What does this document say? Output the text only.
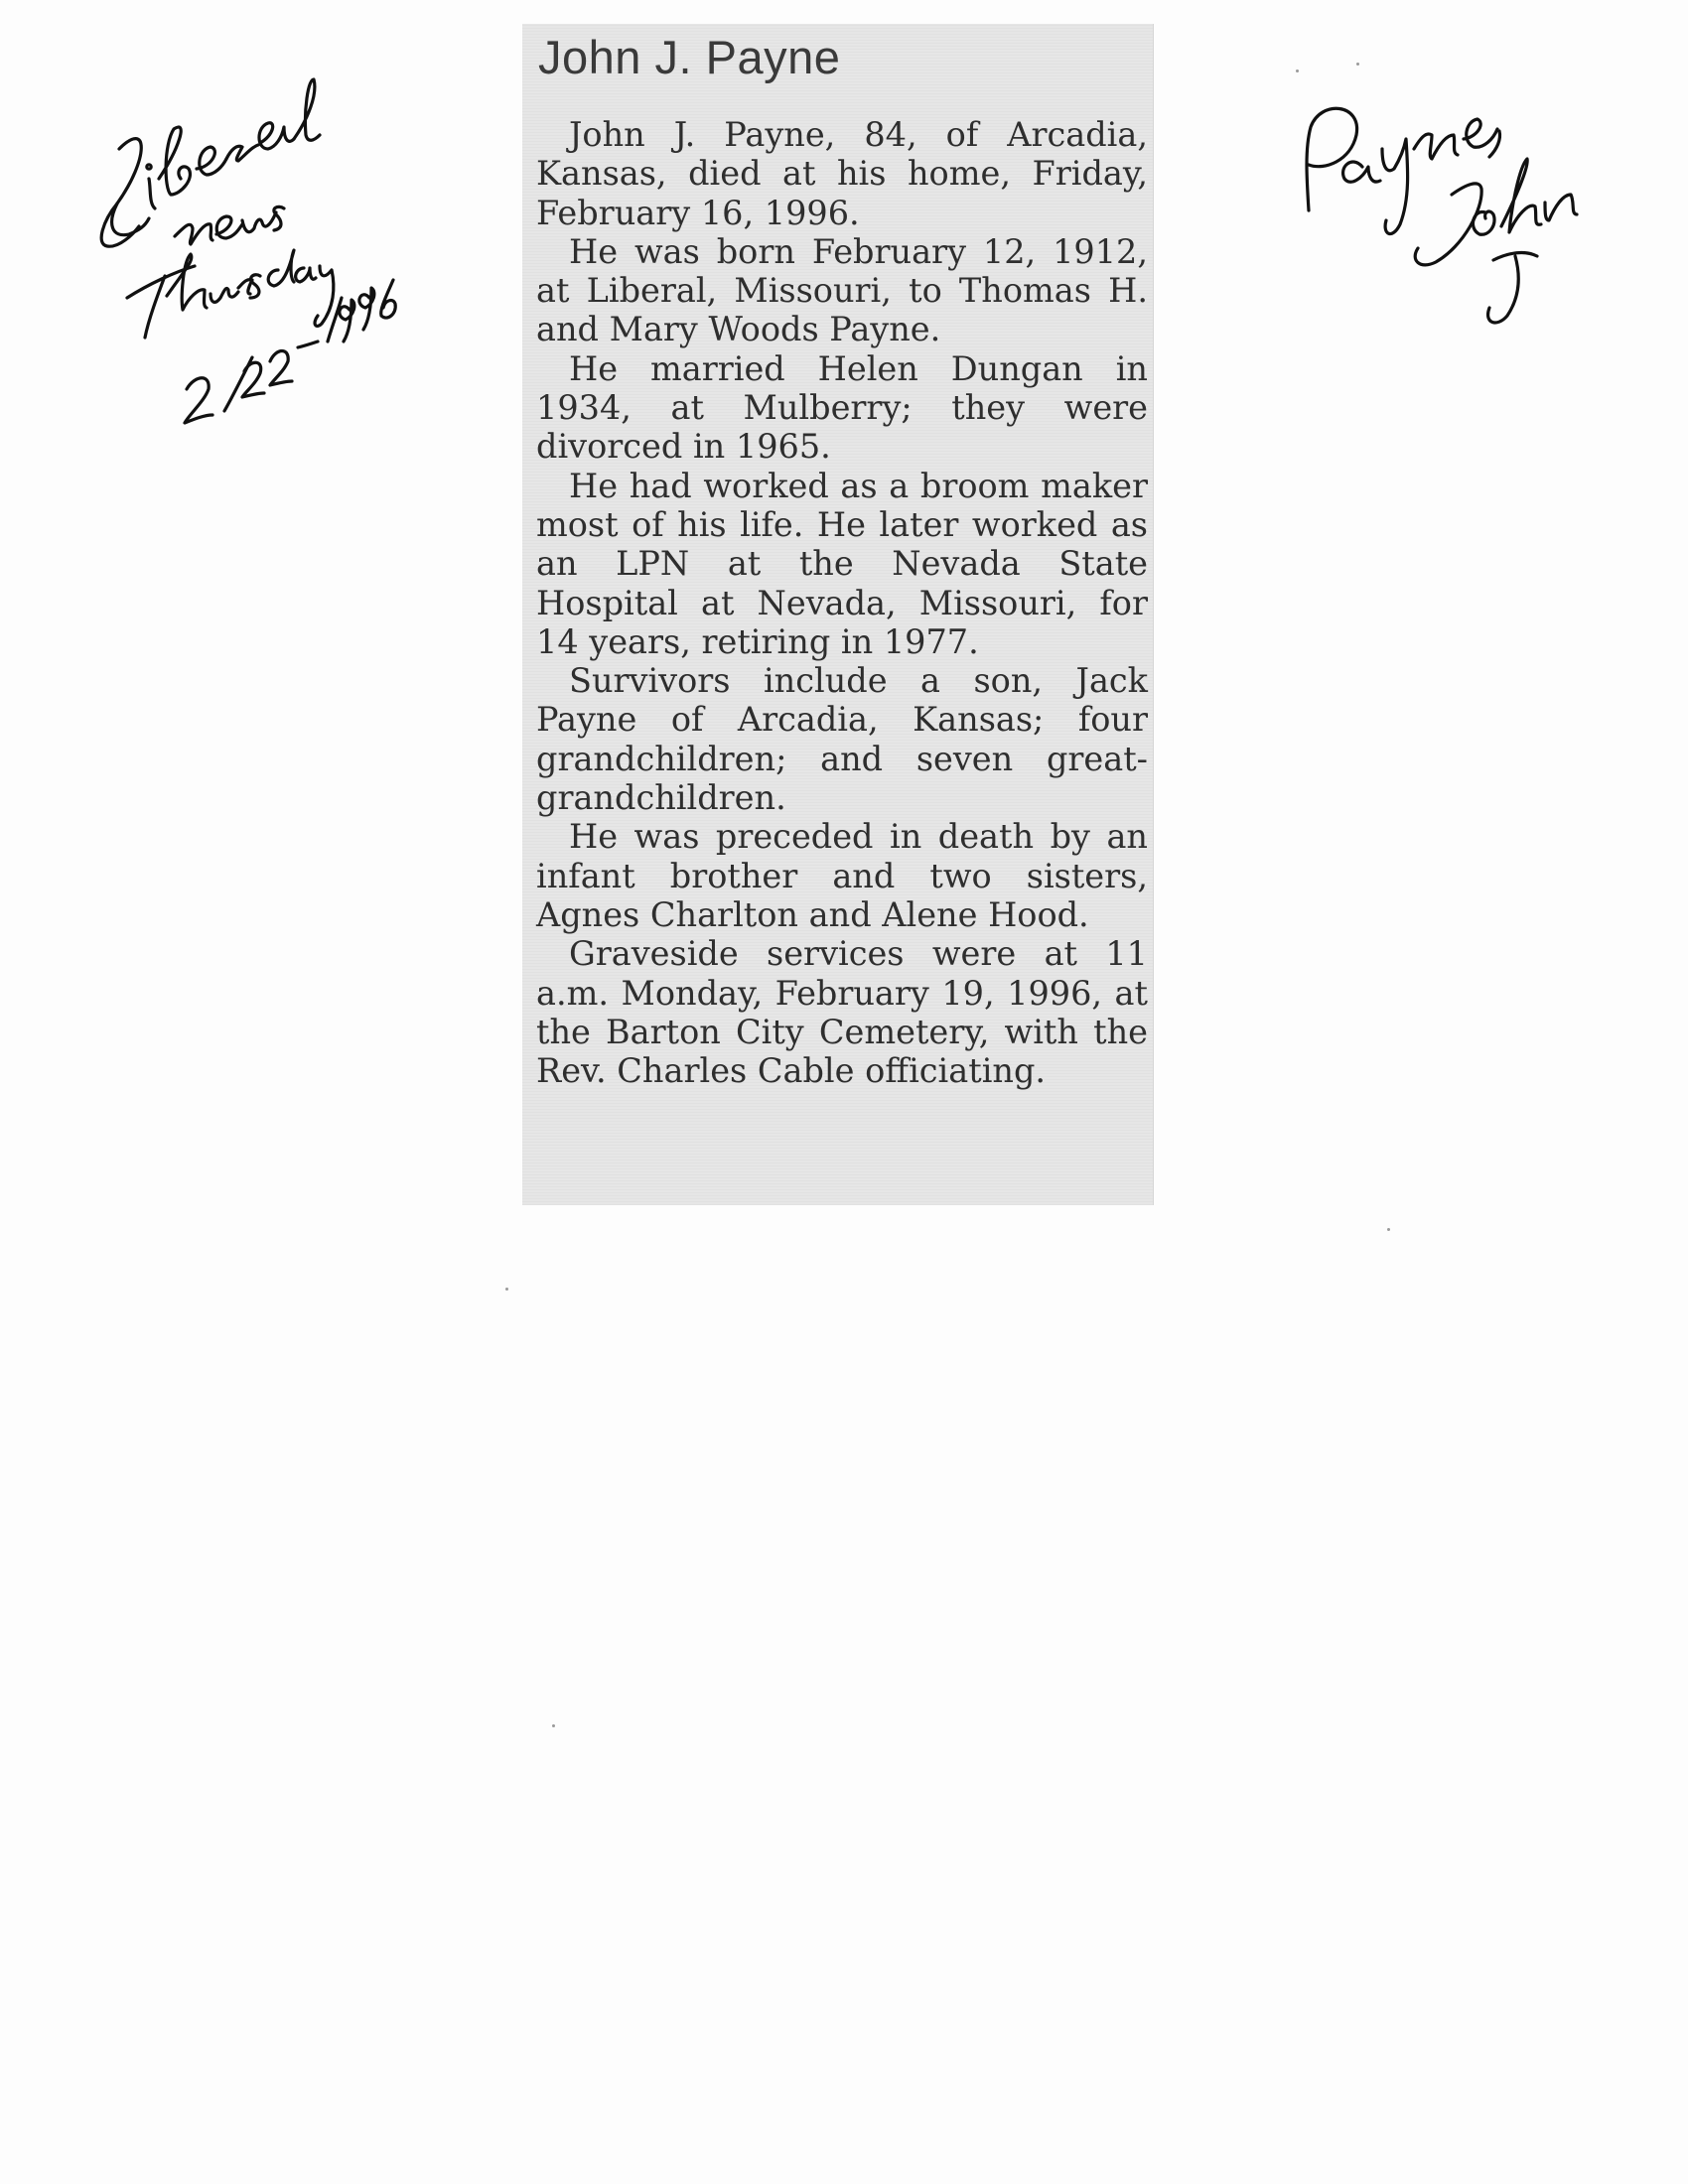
John J. Payne

John J. Payne, 84, of Arcadia, Kansas, died at his home, Friday, February 16, 1996.

He was born February 12, 1912, at Liberal, Missouri, to Thomas H. and Mary Woods Payne.

He married Helen Dungan in 1934, at Mulberry; they were divorced in 1965.

He had worked as a broom maker most of his life. He later worked as an LPN at the Nevada State Hospital at Nevada, Missouri, for 14 years, retiring in 1977.

Survivors include a son, Jack Payne of Arcadia, Kansas; four grandchildren; and seven great-grandchildren.

He was preceded in death by an infant brother and two sisters, Agnes Charlton and Alene Hood.

Graveside services were at 11 a.m. Monday, February 19, 1996, at the Barton City Cemetery, with the Rev. Charles Cable officiating.
